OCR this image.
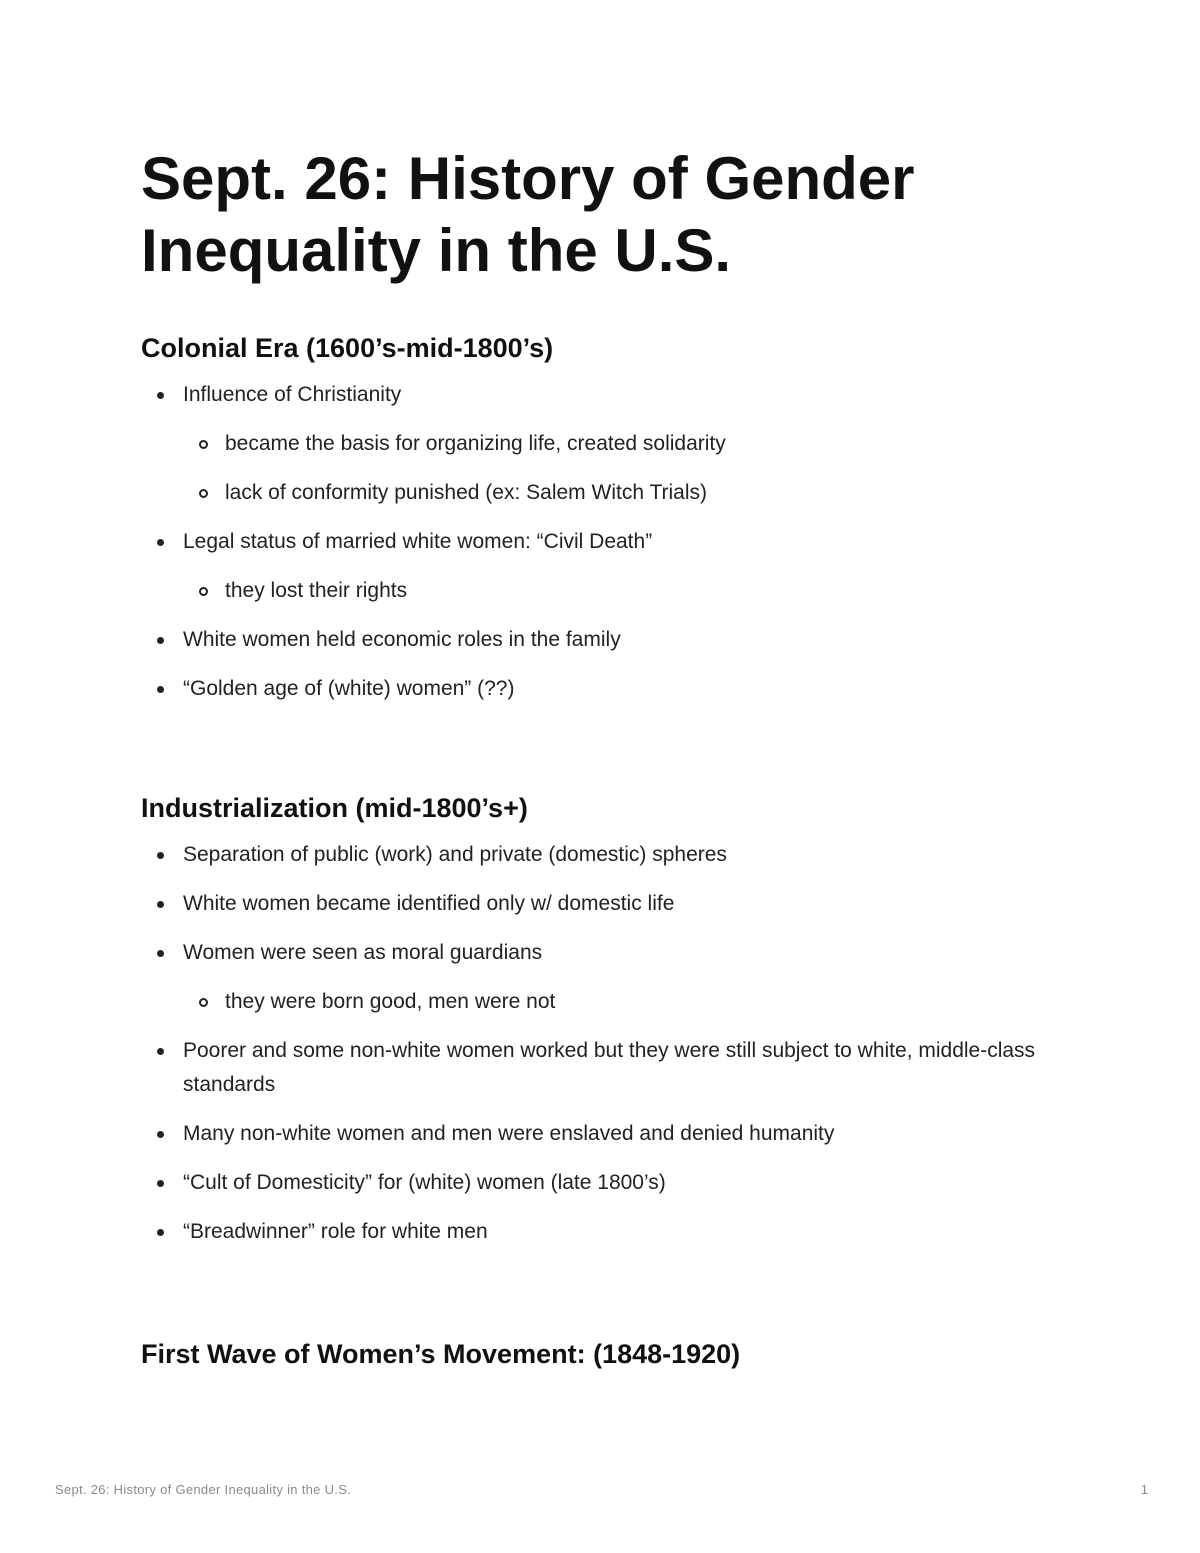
Sept. 26: History of Gender Inequality in the U.S.
Colonial Era (1600’s-mid-1800’s)
Influence of Christianity
became the basis for organizing life, created solidarity
lack of conformity punished (ex: Salem Witch Trials)
Legal status of married white women: “Civil Death”
they lost their rights
White women held economic roles in the family
“Golden age of (white) women” (??)
Industrialization (mid-1800’s+)
Separation of public (work) and private (domestic) spheres
White women became identified only w/ domestic life
Women were seen as moral guardians
they were born good, men were not
Poorer and some non-white women worked but they were still subject to white, middle-class standards
Many non-white women and men were enslaved and denied humanity
“Cult of Domesticity” for (white) women (late 1800’s)
“Breadwinner” role for white men
First Wave of Women’s Movement: (1848-1920)
Sept. 26: History of Gender Inequality in the U.S.	1
